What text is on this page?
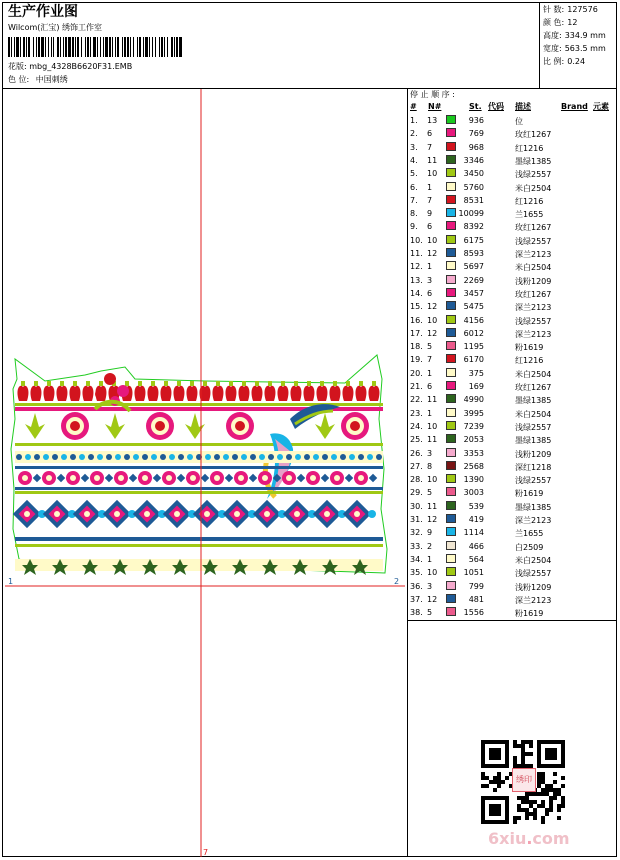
生产作业图
Wilcom(汇宝) 绣饰工作室
花版: mbg_4328B6620F31.EMB
色 位: 中国刺绣
针 数: 127576
颜 色: 12
高度: 334.9 mm
宽度: 563.5 mm
比 例: 0.24
停 止 顺 序 :
# N#	St. 代码 描述	Brand 元素
1. 13	936	位
2. 6	769	玫红1267
3. 7	968	红1216
4. 11	3346	墨绿1385
5. 10	3450	浅绿2557
6. 1	5760	米白2504
7. 7	8531	红1216
8. 9	10099	兰1655
9. 6	8392	玫红1267
10. 10	6175	浅绿2557
11. 12	8593	深兰2123
12. 1	5697	米白2504
13. 3	2269	浅粉1209
14. 6	3457	玫红1267
15. 12	5475	深兰2123
16. 10	4156	浅绿2557
17. 12	6012	深兰2123
18. 5	1195	粉1619
19. 7	6170	红1216
20. 1	375	米白2504
21. 6	169	玫红1267
22. 11	4990	墨绿1385
23. 1	3995	米白2504
24. 10	7239	浅绿2557
25. 11	2053	墨绿1385
26. 3	3353	浅粉1209
27. 8	2568	深红1218
28. 10	1390	浅绿2557
29. 5	3003	粉1619
30. 11	539	墨绿1385
31. 12	419	深兰2123
32. 9	1114	兰1655
33. 2	466	白2509
34. 1	564	米白2504
35. 10	1051	浅绿2557
36. 3	799	浅粉1209
37. 12	481	深兰2123
38. 5	1556	粉1619
1	2
7
绣印
6xiu.com
